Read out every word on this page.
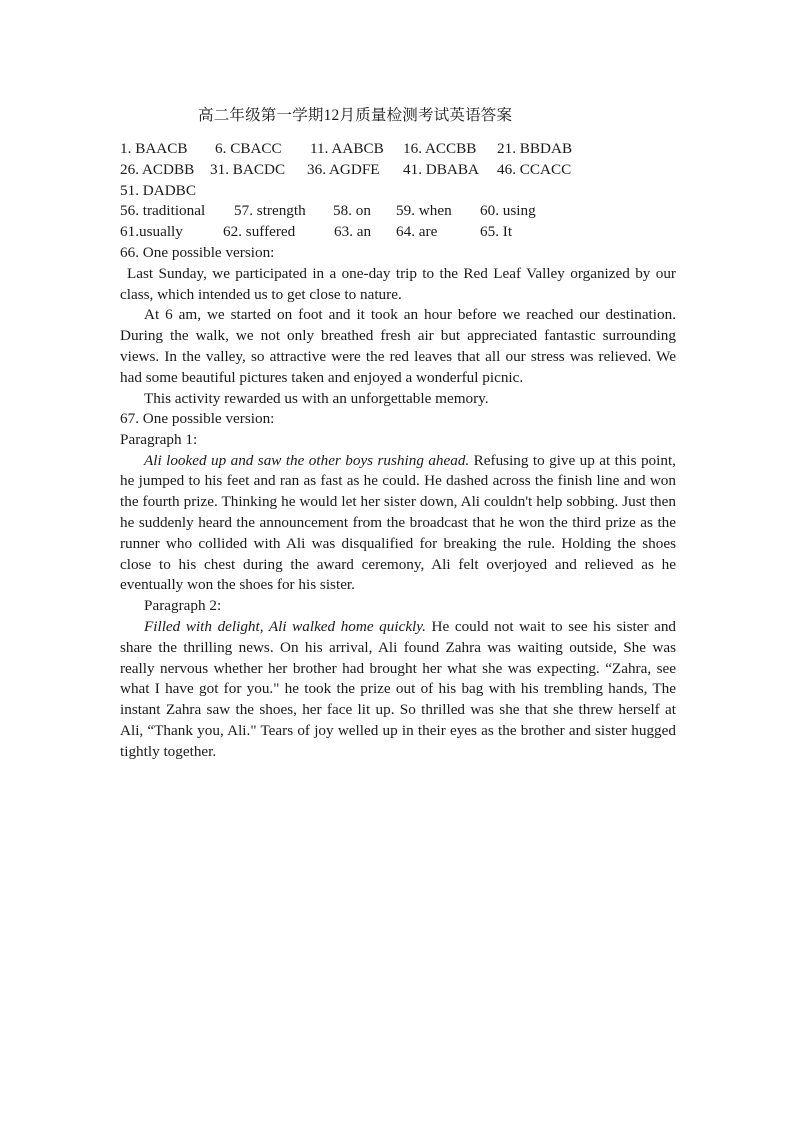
高二年级第一学期12月质量检测考试英语答案
1. BAACB 6. CBACC 11. AABCB 16. ACCBB 21. BBDAB
26. ACDBB 31. BACDC 36. AGDFE 41. DBABA 46. CCACC
51. DADBC
56. traditional 57. strength 58. on 59. when 60. using
61.usually	62. suffered	63. an 64. are	65. It
66. One possible version:
Last Sunday, we participated in a one-day trip to the Red Leaf Valley organized by our class, which intended us to get close to nature.
At 6 am, we started on foot and it took an hour before we reached our destination. During the walk, we not only breathed fresh air but appreciated fantastic surrounding views. In the valley, so attractive were the red leaves that all our stress was relieved. We had some beautiful pictures taken and enjoyed a wonderful picnic.
This activity rewarded us with an unforgettable memory.
67. One possible version:
Paragraph 1:
Ali looked up and saw the other boys rushing ahead. Refusing to give up at this point, he jumped to his feet and ran as fast as he could. He dashed across the finish line and won the fourth prize. Thinking he would let her sister down, Ali couldn't help sobbing. Just then he suddenly heard the announcement from the broadcast that he won the third prize as the runner who collided with Ali was disqualified for breaking the rule. Holding the shoes close to his chest during the award ceremony, Ali felt overjoyed and relieved as he eventually won the shoes for his sister.
Paragraph 2:
Filled with delight, Ali walked home quickly. He could not wait to see his sister and share the thrilling news. On his arrival, Ali found Zahra was waiting outside, She was really nervous whether her brother had brought her what she was expecting. “Zahra, see what I have got for you." he took the prize out of his bag with his trembling hands, The instant Zahra saw the shoes, her face lit up. So thrilled was she that she threw herself at Ali, “Thank you, Ali." Tears of joy welled up in their eyes as the brother and sister hugged tightly together.
